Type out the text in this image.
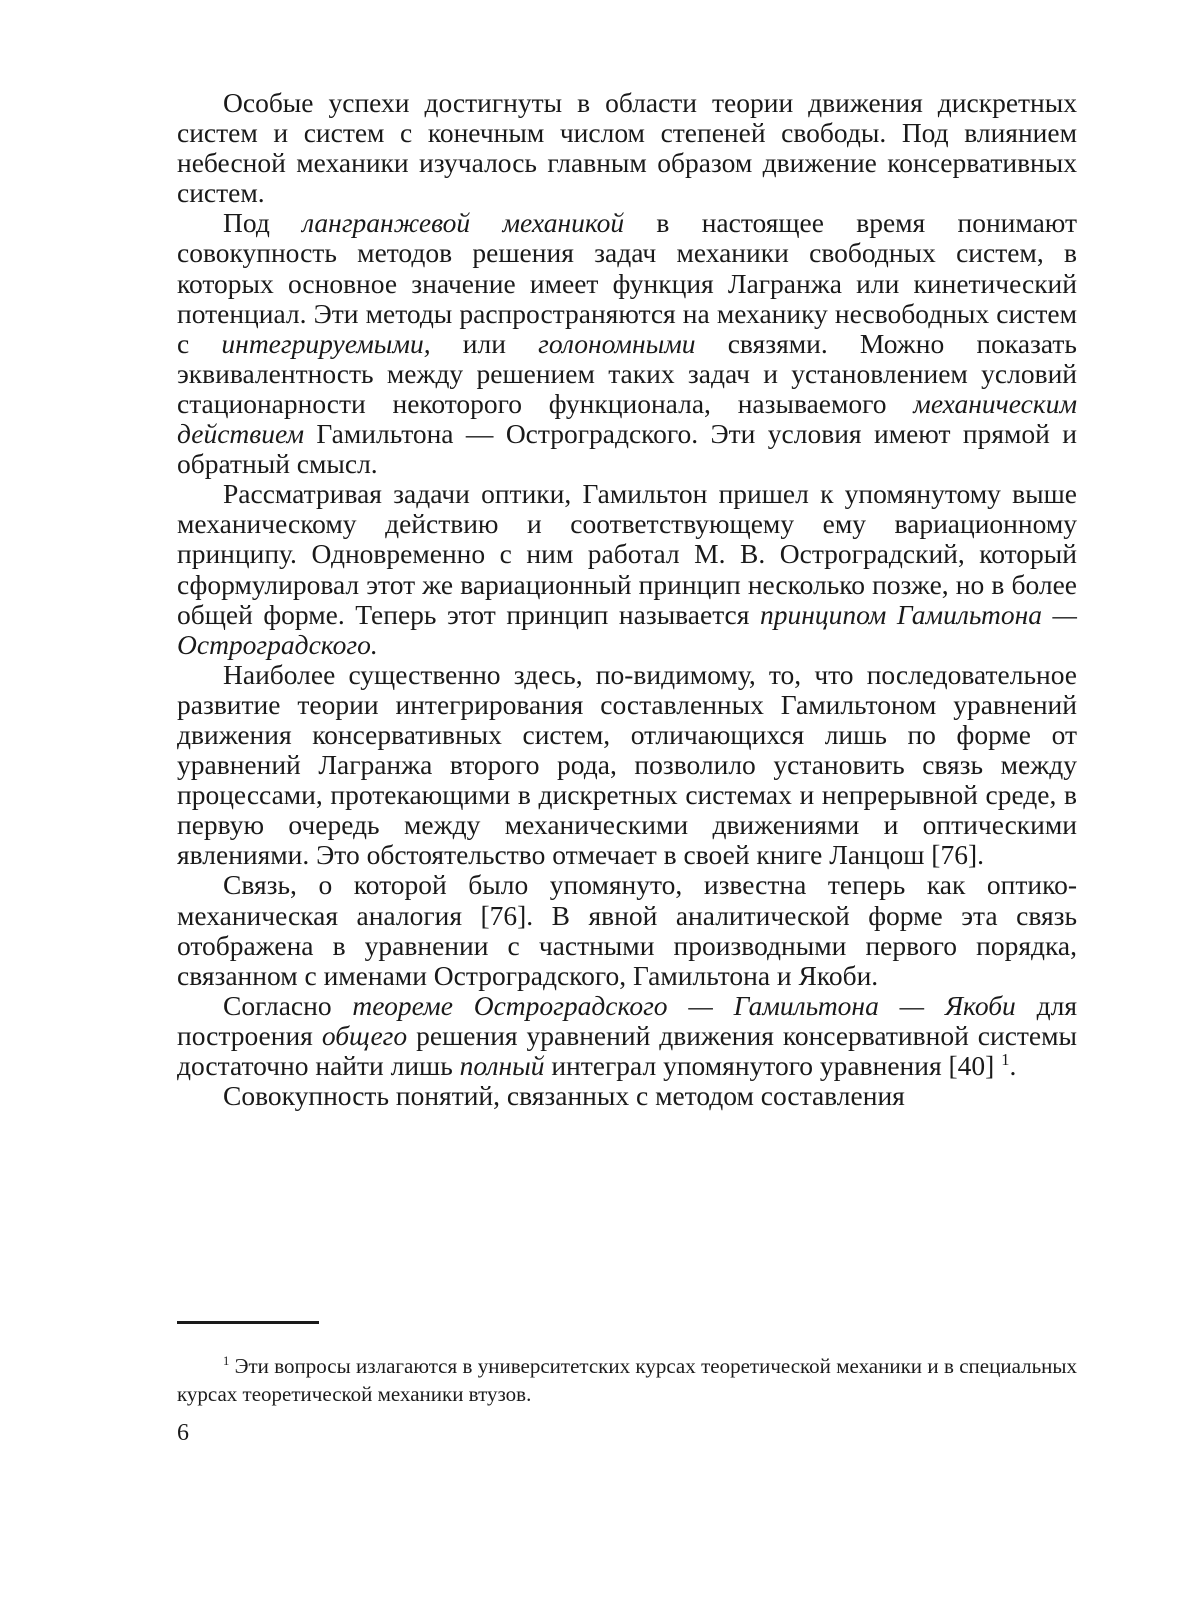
Особые успехи достигнуты в области теории движения дискретных систем и систем с конечным числом степеней свободы. Под влиянием небесной механики изучалось главным образом движение консервативных систем.

Под лангранжевой механикой в настоящее время понимают совокупность методов решения задач механики свободных систем, в которых основное значение имеет функция Лагранжа или кинетический потенциал. Эти методы распространяются на механику несвободных систем с интегрируемыми, или голономными связями. Можно показать эквивалентность между решением таких задач и установлением условий стационарности некоторого функционала, называемого механическим действием Гамильтона — Остроградского. Эти условия имеют прямой и обратный смысл.

Рассматривая задачи оптики, Гамильтон пришел к упомянутому выше механическому действию и соответствующему ему вариационному принципу. Одновременно с ним работал М. В. Остроградский, который сформулировал этот же вариационный принцип несколько позже, но в более общей форме. Теперь этот принцип называется принципом Гамильтона — Остроградского.

Наиболее существенно здесь, по-видимому, то, что последовательное развитие теории интегрирования составленных Гамильтоном уравнений движения консервативных систем, отличающихся лишь по форме от уравнений Лагранжа второго рода, позволило установить связь между процессами, протекающими в дискретных системах и непрерывной среде, в первую очередь между механическими движениями и оптическими явлениями. Это обстоятельство отмечает в своей книге Ланцош [76].

Связь, о которой было упомянуто, известна теперь как оптико-механическая аналогия [76]. В явной аналитической форме эта связь отображена в уравнении с частными производными первого порядка, связанном с именами Остроградского, Гамильтона и Якоби.

Согласно теореме Остроградского — Гамильтона — Якоби для построения общего решения уравнений движения консервативной системы достаточно найти лишь полный интеграл упомянутого уравнения [40] $^1$.

Совокупность понятий, связанных с методом составления

$^1$ Эти вопросы излагаются в университетских курсах теоретической механики и в специальных курсах теоретической механики втузов.

6
